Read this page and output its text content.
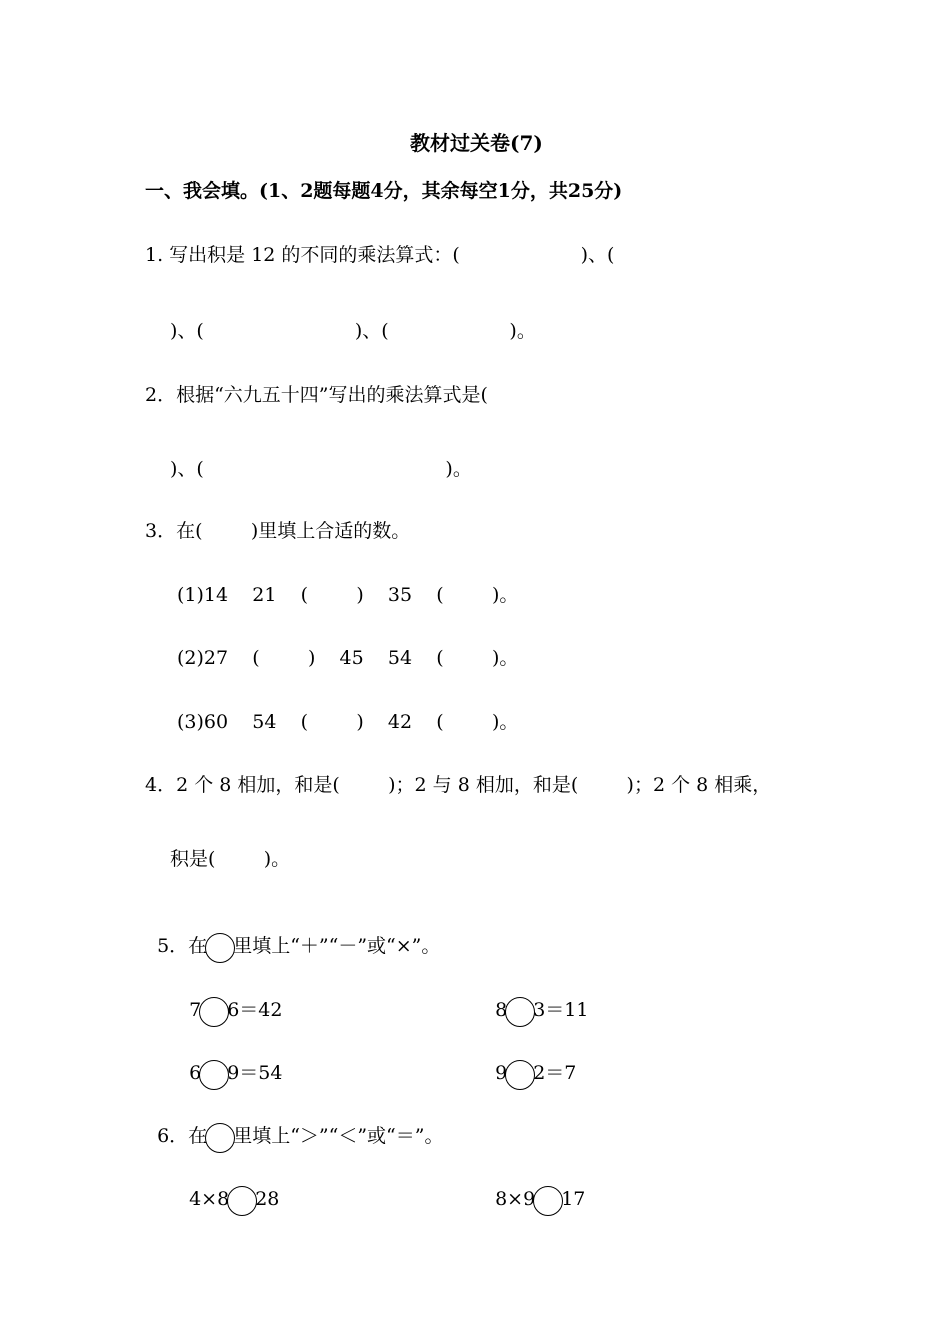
教材过关卷(7)
一、我会填。(1、2题每题4分，其余每空1分，共25分)
1. 写出积是 12 的不同的乘法算式：(                    )、(
)、(                         )、(                    )。
2．根据“六九五十四”写出的乘法算式是(
)、(                                        )。
3．在(        )里填上合适的数。
(1)14    21    (        )    35    (        )。
(2)27    (        )    45    54    (        )。
(3)60    54    (        )    42    (        )。
4．2 个 8 相加，和是(        )；2 与 8 相加，和是(        )；2 个 8 相乘，
积是(        )。

5．在 里填上“＋”“－”或“×”。

7 6＝42	8 3＝11

6 9＝54	9 2＝7

6．在 里填上“＞”“＜”或“＝”。

4×8 28	8×9 17
